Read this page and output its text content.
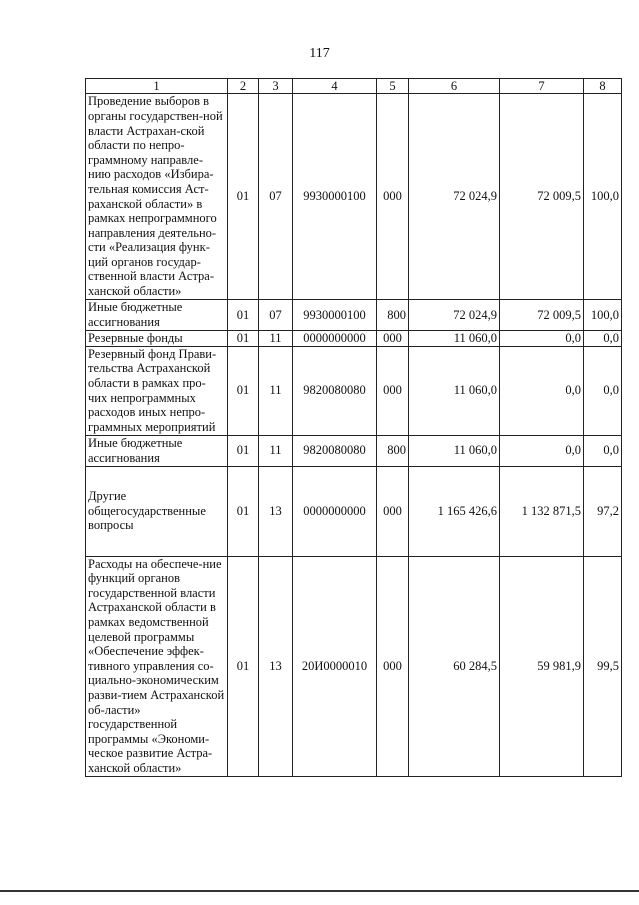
117
1	2	3	4	5	6	7	8
Проведение выборов в органы государствен-ной власти Астрахан-ской области по непро-граммному направле-нию расходов «Избира-тельная комиссия Аст-раханской области» в рамках непрограммного направления деятельно-сти «Реализация функ-ций органов государ-ственной власти Астра-ханской области»	01	07	9930000100	000	72 024,9	72 009,5	100,0
Иные бюджетные ассигнования	01	07	9930000100	800	72 024,9	72 009,5	100,0
Резервные фонды	01	11	0000000000	000	11 060,0	0,0	0,0
Резервный фонд Прави-тельства Астраханской области в рамках про-чих непрограммных расходов иных непро-граммных мероприятий	01	11	9820080080	000	11 060,0	0,0	0,0
Иные бюджетные ассигнования	01	11	9820080080	800	11 060,0	0,0	0,0
Другие общегосударственные вопросы	01	13	0000000000	000	1 165 426,6	1 132 871,5	97,2
Расходы на обеспече-ние функций органов государственной власти Астраханской области в рамках ведомственной целевой программы «Обеспечение эффек-тивного управления со-циально-экономическим разви-тием Астраханской об-ласти» государственной программы «Экономи-ческое развитие Астра-ханской области»	01	13	20И0000010	000	60 284,5	59 981,9	99,5
